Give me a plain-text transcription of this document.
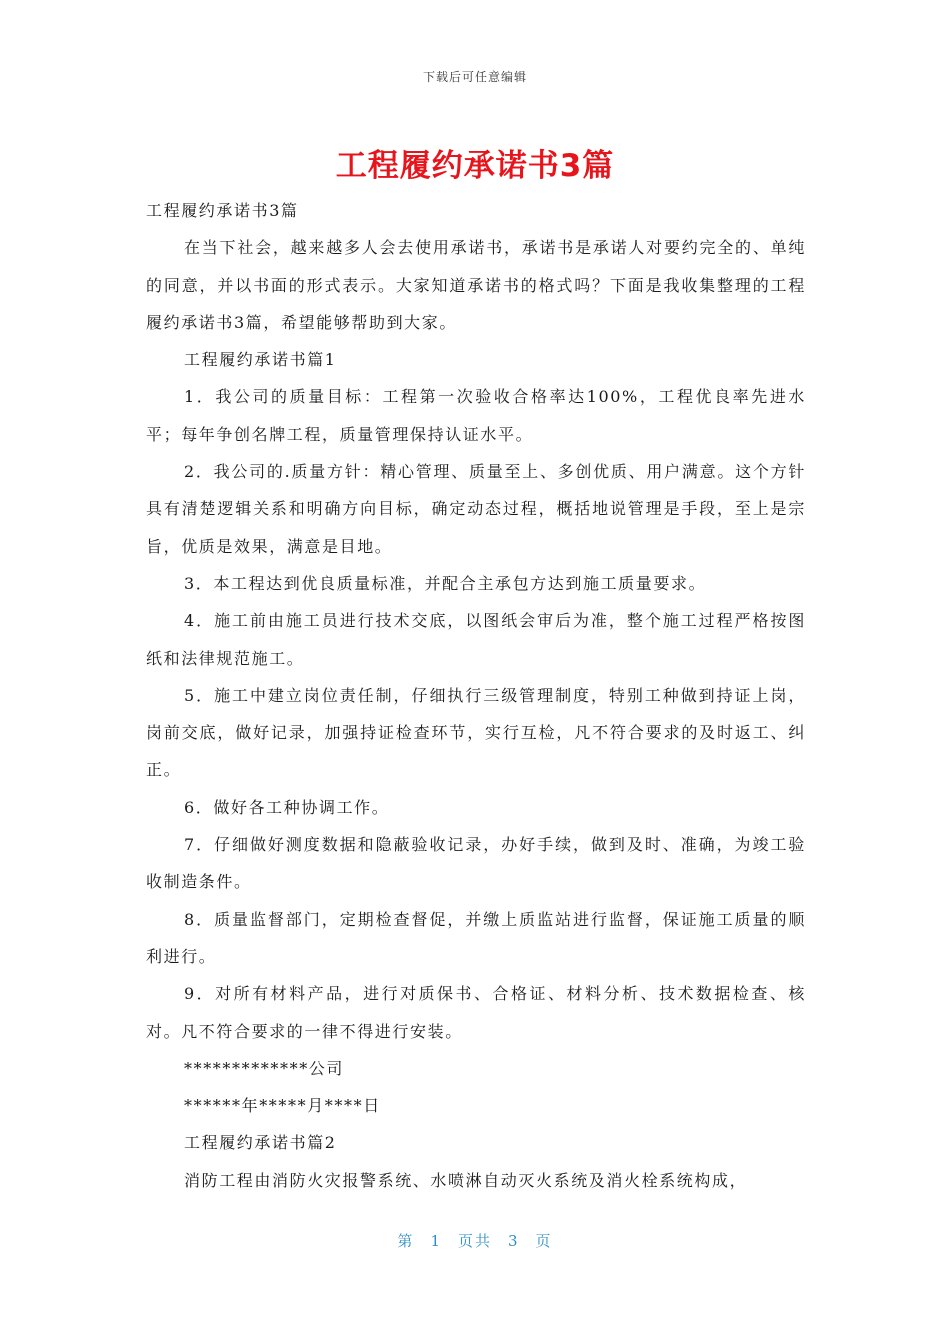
下载后可任意编辑
工程履约承诺书3篇

工程履约承诺书3篇

在当下社会，越来越多人会去使用承诺书，承诺书是承诺人对要约完全的、单纯的同意，并以书面的形式表示。大家知道承诺书的格式吗？下面是我收集整理的工程履约承诺书3篇，希望能够帮助到大家。

工程履约承诺书篇1

1．我公司的质量目标：工程第一次验收合格率达100%，工程优良率先进水平；每年争创名牌工程，质量管理保持认证水平。

2．我公司的.质量方针：精心管理、质量至上、多创优质、用户满意。这个方针具有清楚逻辑关系和明确方向目标，确定动态过程，概括地说管理是手段，至上是宗旨，优质是效果，满意是目地。

3．本工程达到优良质量标准，并配合主承包方达到施工质量要求。

4．施工前由施工员进行技术交底，以图纸会审后为准，整个施工过程严格按图纸和法律规范施工。

5．施工中建立岗位责任制，仔细执行三级管理制度，特别工种做到持证上岗，岗前交底，做好记录，加强持证检查环节，实行互检，凡不符合要求的及时返工、纠正。

6．做好各工种协调工作。

7．仔细做好测度数据和隐蔽验收记录，办好手续，做到及时、准确，为竣工验收制造条件。

8．质量监督部门，定期检查督促，并缴上质监站进行监督，保证施工质量的顺利进行。

9．对所有材料产品，进行对质保书、合格证、材料分析、技术数据检查、核对。凡不符合要求的一律不得进行安装。

*************公司

******年*****月****日

工程履约承诺书篇2

消防工程由消防火灾报警系统、水喷淋自动灭火系统及消火栓系统构成，

第 1 页共 3 页
